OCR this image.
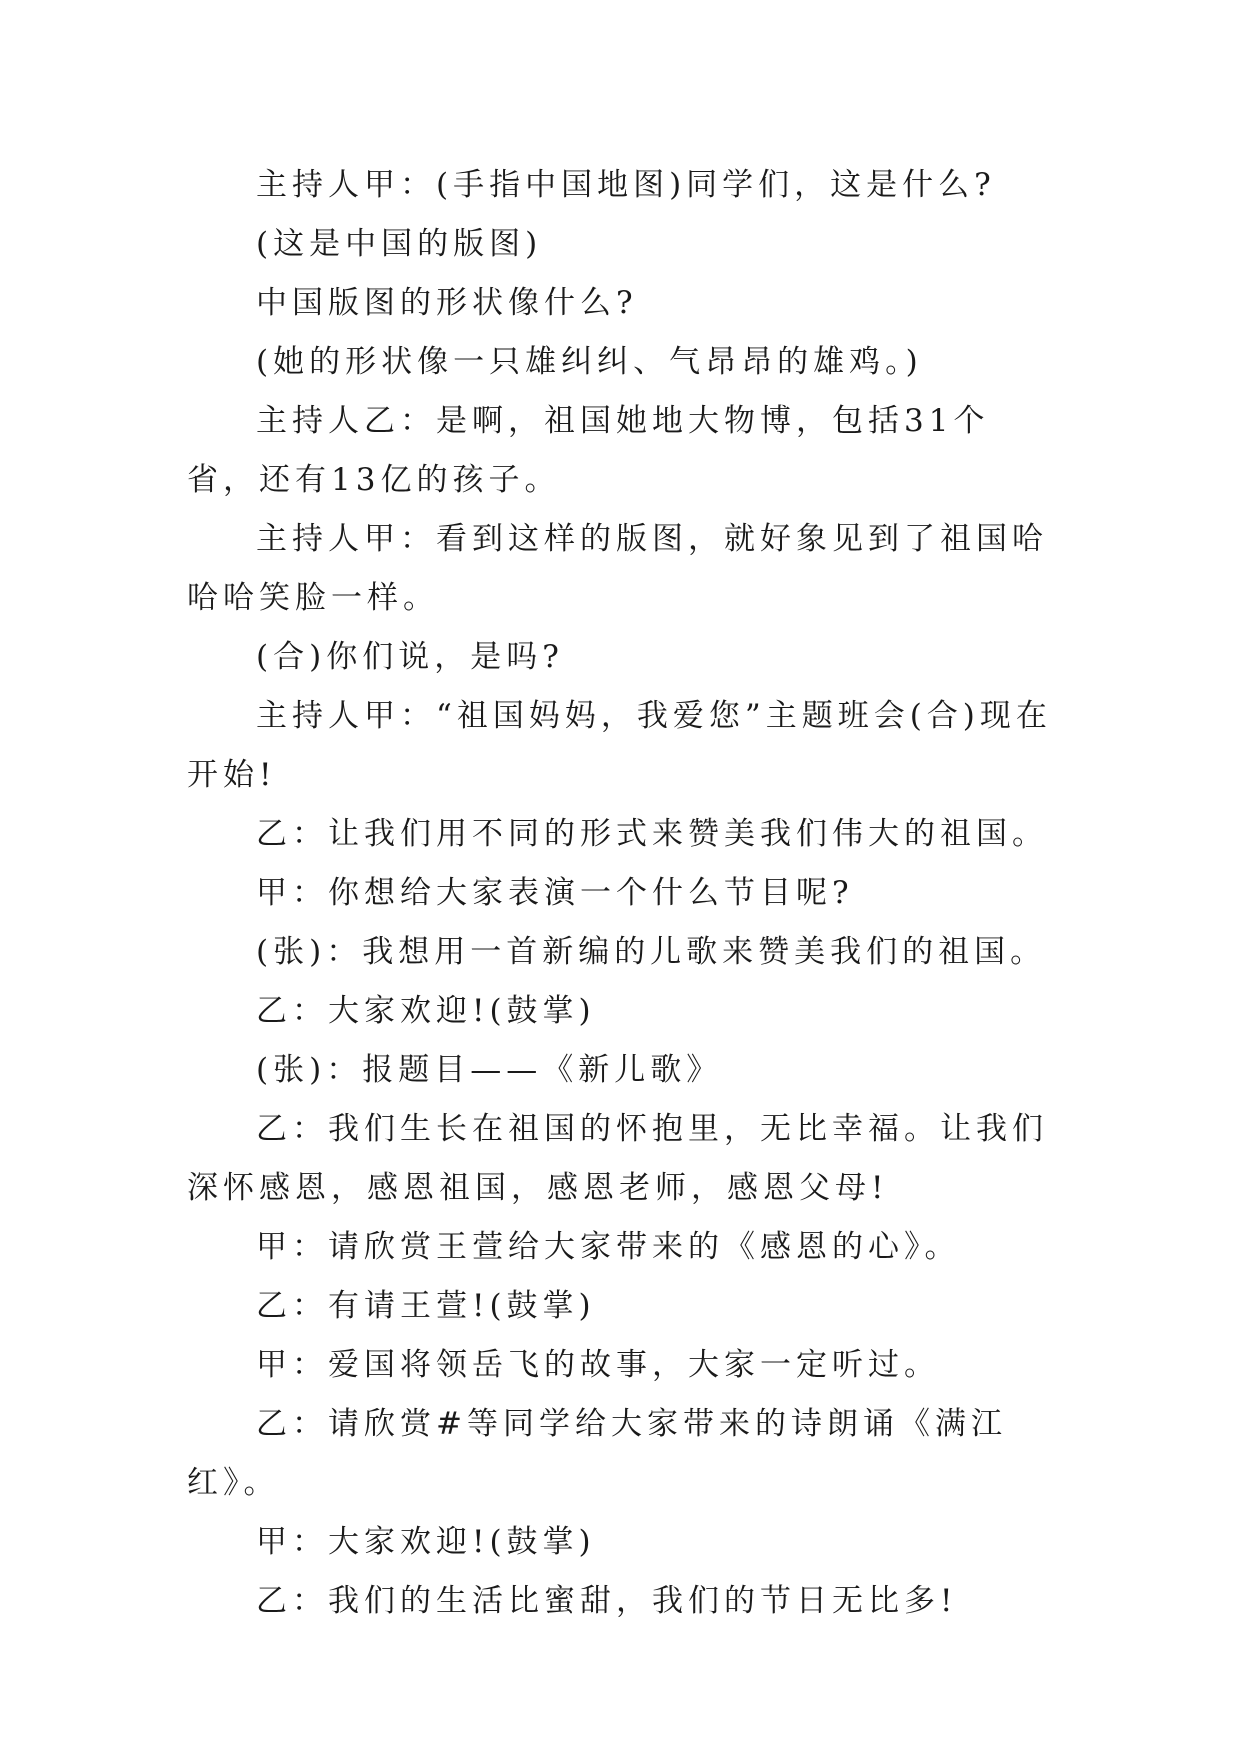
主持人甲：(手指中国地图)同学们，这是什么?

(这是中国的版图)

中国版图的形状像什么?

(她的形状像一只雄纠纠、气昂昂的雄鸡。)

主持人乙：是啊，祖国她地大物博，包括31个省，还有13亿的孩子。

主持人甲：看到这样的版图，就好象见到了祖国哈哈哈笑脸一样。

(合)你们说，是吗?

主持人甲：“祖国妈妈，我爱您”主题班会(合)现在开始!

乙：让我们用不同的形式来赞美我们伟大的祖国。

甲：你想给大家表演一个什么节目呢?

(张)：我想用一首新编的儿歌来赞美我们的祖国。

乙：大家欢迎!(鼓掌)

(张)：报题目——《新儿歌》

乙：我们生长在祖国的怀抱里，无比幸福。让我们深怀感恩，感恩祖国，感恩老师，感恩父母!

甲：请欣赏王萱给大家带来的《感恩的心》。

乙：有请王萱!(鼓掌)

甲：爱国将领岳飞的故事，大家一定听过。

乙：请欣赏#等同学给大家带来的诗朗诵《满江红》。

甲：大家欢迎!(鼓掌)

乙：我们的生活比蜜甜，我们的节日无比多!
